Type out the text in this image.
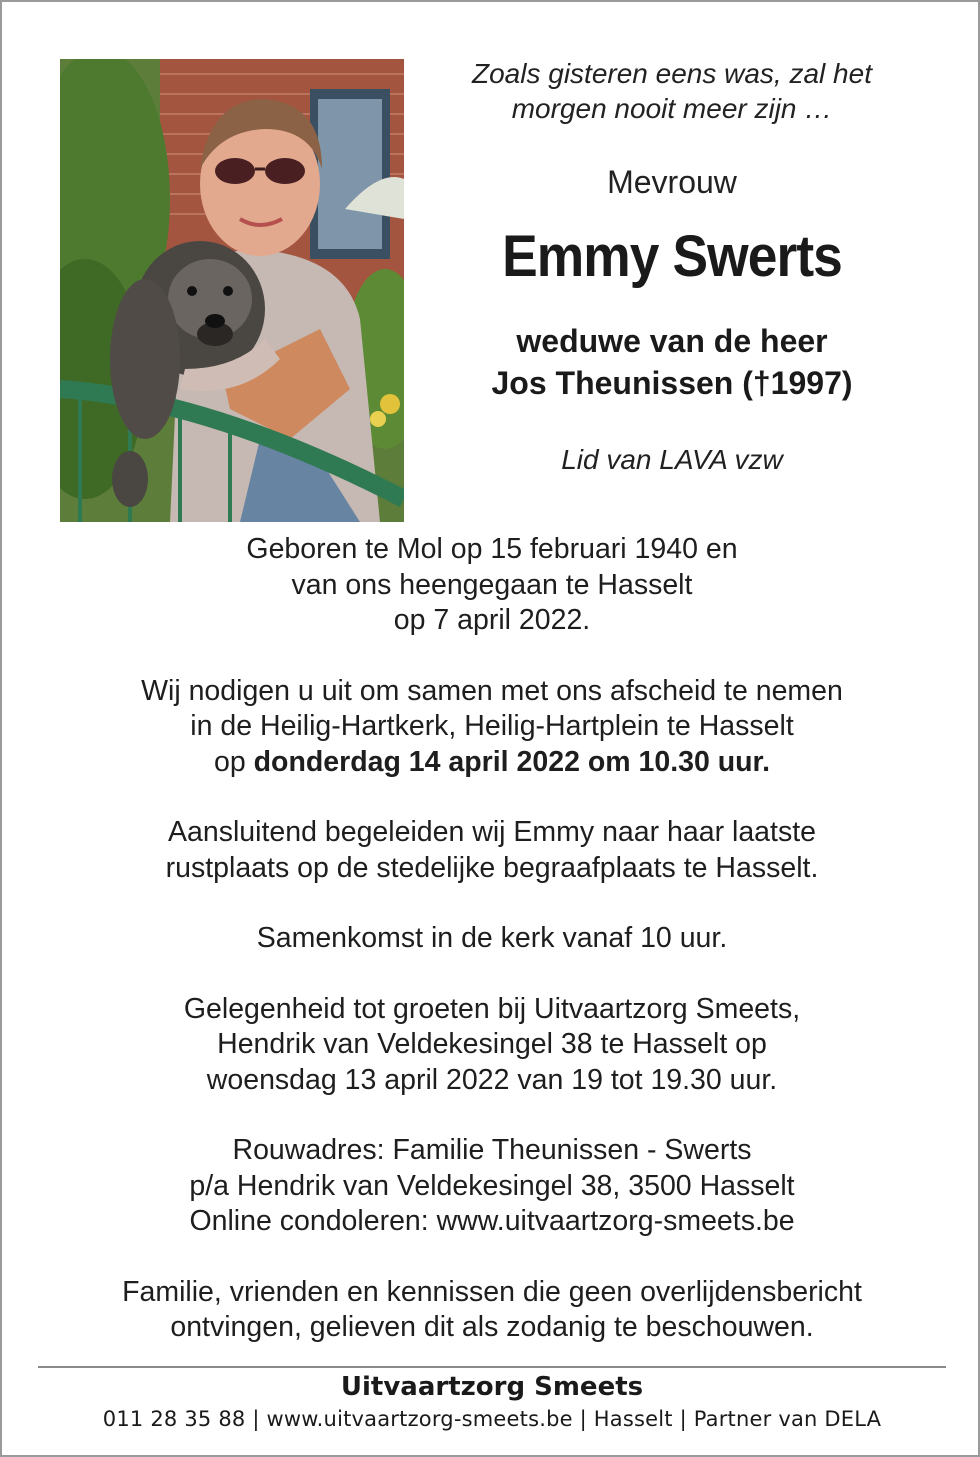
Zoals gisteren eens was, zal het
morgen nooit meer zijn …
Mevrouw
Emmy Swerts
weduwe van de heer
Jos Theunissen (†1997)
Lid van LAVA vzw
Geboren te Mol op 15 februari 1940 en
van ons heengegaan te Hasselt
op 7 april 2022.
Wij nodigen u uit om samen met ons afscheid te nemen
in de Heilig-Hartkerk, Heilig-Hartplein te Hasselt
op donderdag 14 april 2022 om 10.30 uur.
Aansluitend begeleiden wij Emmy naar haar laatste
rustplaats op de stedelijke begraafplaats te Hasselt.
Samenkomst in de kerk vanaf 10 uur.
Gelegenheid tot groeten bij Uitvaartzorg Smeets,
Hendrik van Veldekesingel 38 te Hasselt op
woensdag 13 april 2022 van 19 tot 19.30 uur.
Rouwadres: Familie Theunissen - Swerts
p/a Hendrik van Veldekesingel 38, 3500 Hasselt
Online condoleren: www.uitvaartzorg-smeets.be
Familie, vrienden en kennissen die geen overlijdensbericht
ontvingen, gelieven dit als zodanig te beschouwen.
Uitvaartzorg Smeets
011 28 35 88 | www.uitvaartzorg-smeets.be | Hasselt | Partner van DELA
